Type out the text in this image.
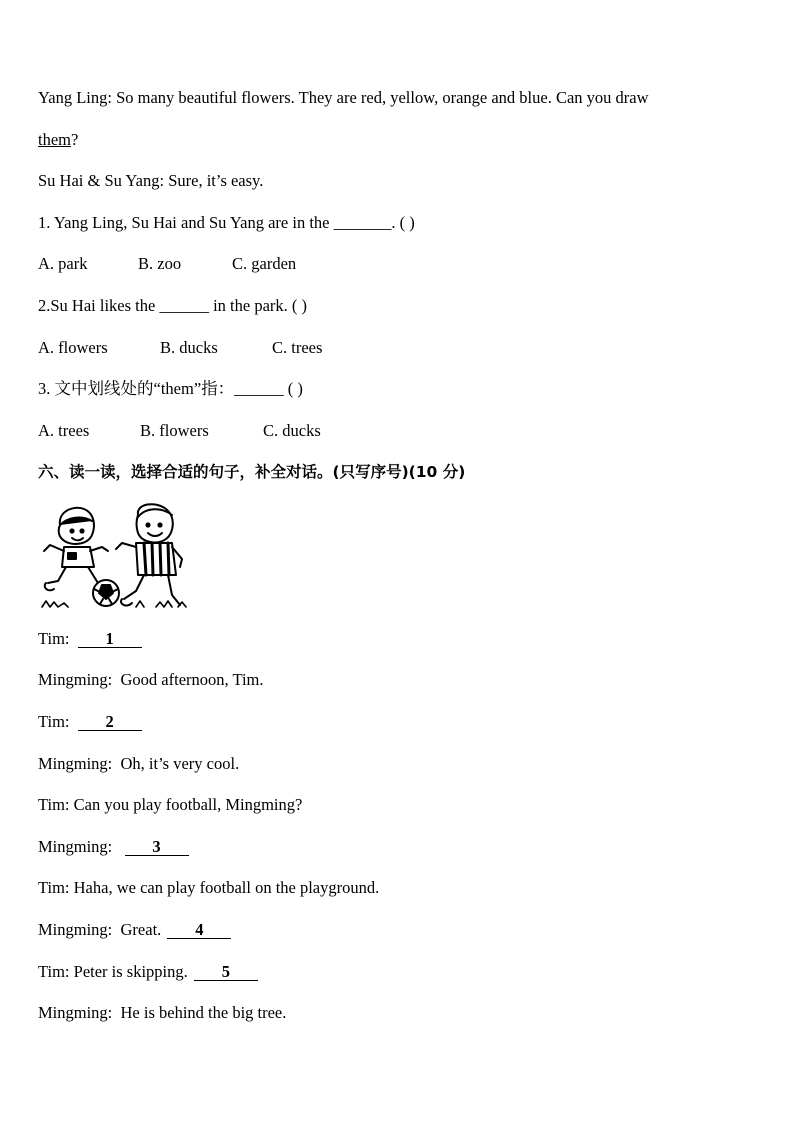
Yang Ling: So many beautiful flowers. They are red, yellow, orange and blue. Can you draw
them?
Su Hai & Su Yang: Sure, it’s easy.
1. Yang Ling, Su Hai and Su Yang are in the _______. ( )
A. park	B. zoo	C. garden
2.Su Hai likes the ______ in the park. ( )
A. flowers	B. ducks	C. trees
3. 文中划线处的“them”指：______ ( )
A. trees	B. flowers	C. ducks
六、读一读，选择合适的句子，补全对话。(只写序号)(10 分)
Tim: 1
Mingming: Good afternoon, Tim.
Tim: 2
Mingming: Oh, it’s very cool.
Tim: Can you play football, Mingming?
Mingming: 3
Tim: Haha, we can play football on the playground.
Mingming: Great. 4
Tim: Peter is skipping. 5
Mingming: He is behind the big tree.
